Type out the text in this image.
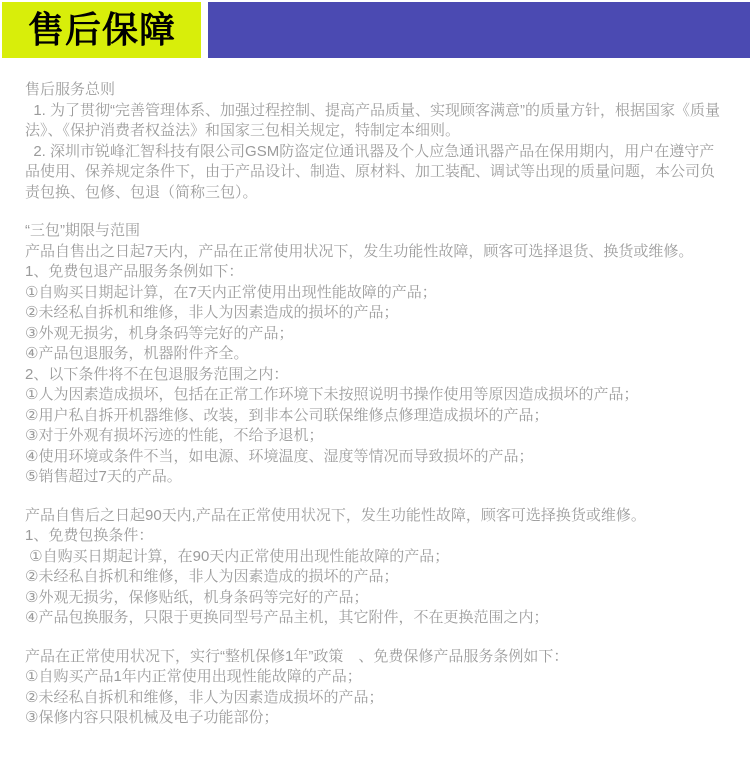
售后保障

售后服务总则

1. 为了贯彻“完善管理体系、加强过程控制、提高产品质量、实现顾客满意”的质量方针，根据国家《质量法》、《保护消费者权益法》和国家三包相关规定，特制定本细则。

2. 深圳市锐峰汇智科技有限公司GSM防盗定位通讯器及个人应急通讯器产品在保用期内，用户在遵守产品使用、保养规定条件下，由于产品设计、制造、原材料、加工装配、调试等出现的质量问题，本公司负责包换、包修、包退（简称三包）。

“三包”期限与范围

产品自售出之日起7天内，产品在正常使用状况下，发生功能性故障，顾客可选择退货、换货或维修。

1、免费包退产品服务条例如下：

①自购买日期起计算，在7天内正常使用出现性能故障的产品；

②未经私自拆机和维修，非人为因素造成的损坏的产品；

③外观无损劣，机身条码等完好的产品；

④产品包退服务，机器附件齐全。

2、以下条件将不在包退服务范围之内：

①人为因素造成损坏，包括在正常工作环境下未按照说明书操作使用等原因造成损坏的产品；

②用户私自拆开机器维修、改装，到非本公司联保维修点修理造成损坏的产品；

③对于外观有损坏污迹的性能，不给予退机；

④使用环境或条件不当，如电源、环境温度、湿度等情况而导致损坏的产品；

⑤销售超过7天的产品。

产品自售后之日起90天内,产品在正常使用状况下，发生功能性故障，顾客可选择换货或维修。

1、免费包换条件：

①自购买日期起计算，在90天内正常使用出现性能故障的产品；

②未经私自拆机和维修，非人为因素造成的损坏的产品；

③外观无损劣，保修贴纸，机身条码等完好的产品；

④产品包换服务，只限于更换同型号产品主机，其它附件，不在更换范围之内；

产品在正常使用状况下，实行“整机保修1年”政策　、免费保修产品服务条例如下：

①自购买产品1年内正常使用出现性能故障的产品；

②未经私自拆机和维修，非人为因素造成损坏的产品；

③保修内容只限机械及电子功能部份；
